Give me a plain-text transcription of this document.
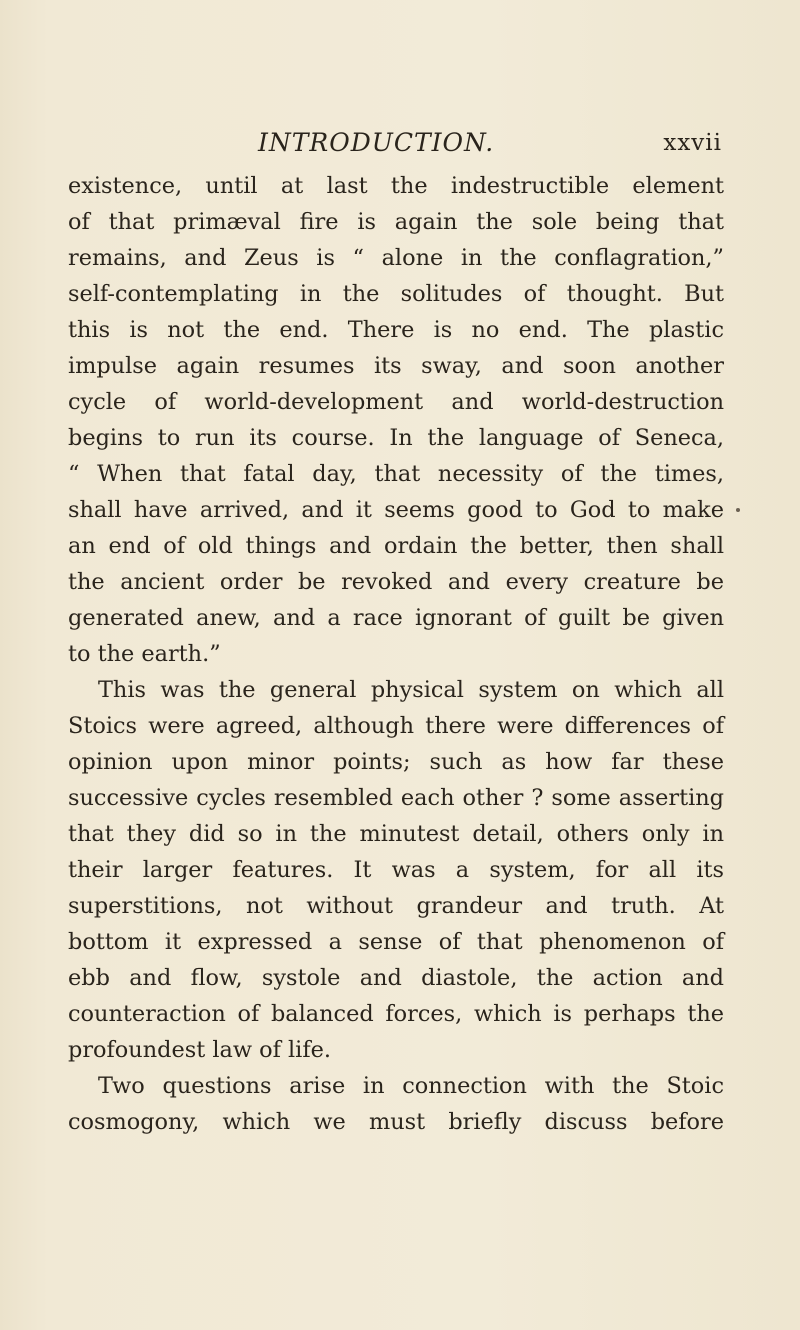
INTRODUCTION.	xxvii
existence, until at last the indestructible element
of that primæval fire is again the sole being that
remains, and Zeus is “ alone in the conflagration,”
self-contemplating in the solitudes of thought. But
this is not the end. There is no end. The plastic
impulse again resumes its sway, and soon another
cycle of world-development and world-destruction
begins to run its course. In the language of Seneca,
“ When that fatal day, that necessity of the times,
shall have arrived, and it seems good to God to make
an end of old things and ordain the better, then shall
the ancient order be revoked and every creature be
generated anew, and a race ignorant of guilt be given
to the earth.”
This was the general physical system on which all
Stoics were agreed, although there were differences of
opinion upon minor points; such as how far these
successive cycles resembled each other ? some asserting
that they did so in the minutest detail, others only in
their larger features. It was a system, for all its
superstitions, not without grandeur and truth. At
bottom it expressed a sense of that phenomenon of
ebb and flow, systole and diastole, the action and
counteraction of balanced forces, which is perhaps the
profoundest law of life.
Two questions arise in connection with the Stoic
cosmogony, which we must briefly discuss before
